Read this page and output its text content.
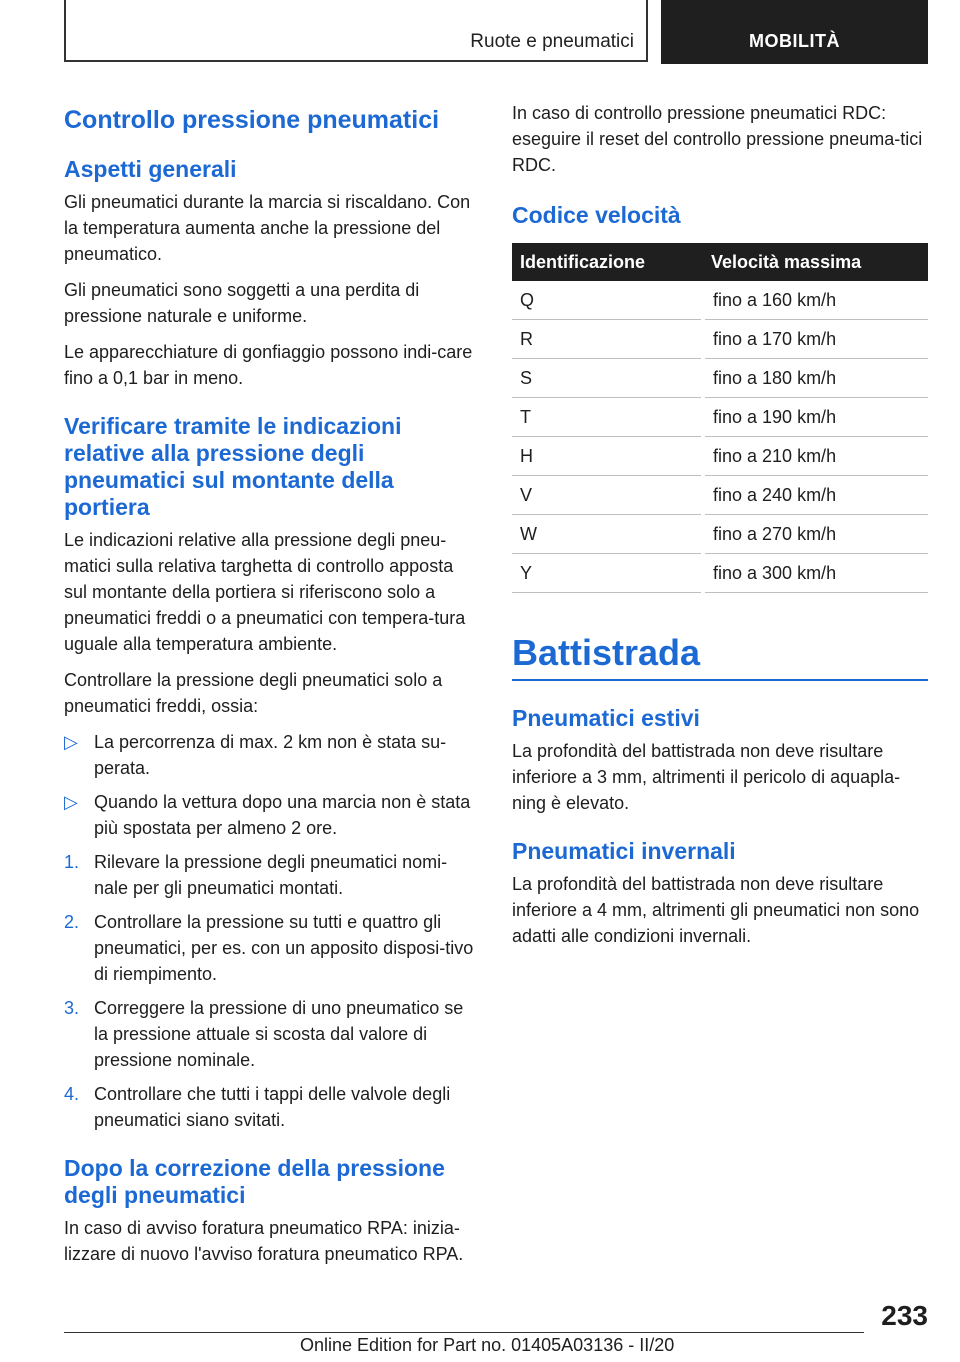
Ruote e pneumatici	MOBILITÀ
Controllo pressione pneumatici
Aspetti generali

Gli pneumatici durante la marcia si riscaldano. Con la temperatura aumenta anche la pressione del pneumatico.

Gli pneumatici sono soggetti a una perdita di pressione naturale e uniforme.

Le apparecchiature di gonfiaggio possono indi-care fino a 0,1 bar in meno.

Verificare tramite le indicazioni relative alla pressione degli pneumatici sul montante della portiera

Le indicazioni relative alla pressione degli pneu-matici sulla relativa targhetta di controllo apposta sul montante della portiera si riferiscono solo a pneumatici freddi o a pneumatici con tempera-tura uguale alla temperatura ambiente.

Controllare la pressione degli pneumatici solo a pneumatici freddi, ossia:

▷ La percorrenza di max. 2 km non è stata su-perata.
▷ Quando la vettura dopo una marcia non è stata più spostata per almeno 2 ore.
1. Rilevare la pressione degli pneumatici nomi-nale per gli pneumatici montati.
2. Controllare la pressione su tutti e quattro gli pneumatici, per es. con un apposito disposi-tivo di riempimento.
3. Correggere la pressione di uno pneumatico se la pressione attuale si scosta dal valore di pressione nominale.
4. Controllare che tutti i tappi delle valvole degli pneumatici siano svitati.
Dopo la correzione della pressione degli pneumatici

In caso di avviso foratura pneumatico RPA: inizia-lizzare di nuovo l'avviso foratura pneumatico RPA.

In caso di controllo pressione pneumatici RDC: eseguire il reset del controllo pressione pneuma-tici RDC.

Codice velocità
Identificazione	Velocità massima
Q	fino a 160 km/h
R	fino a 170 km/h
S	fino a 180 km/h
T	fino a 190 km/h
H	fino a 210 km/h
V	fino a 240 km/h
W	fino a 270 km/h
Y	fino a 300 km/h
Battistrada
Pneumatici estivi

La profondità del battistrada non deve risultare inferiore a 3 mm, altrimenti il pericolo di aquapla-ning è elevato.

Pneumatici invernali

La profondità del battistrada non deve risultare inferiore a 4 mm, altrimenti gli pneumatici non sono adatti alle condizioni invernali.

233
Online Edition for Part no. 01405A03136 - II/20
